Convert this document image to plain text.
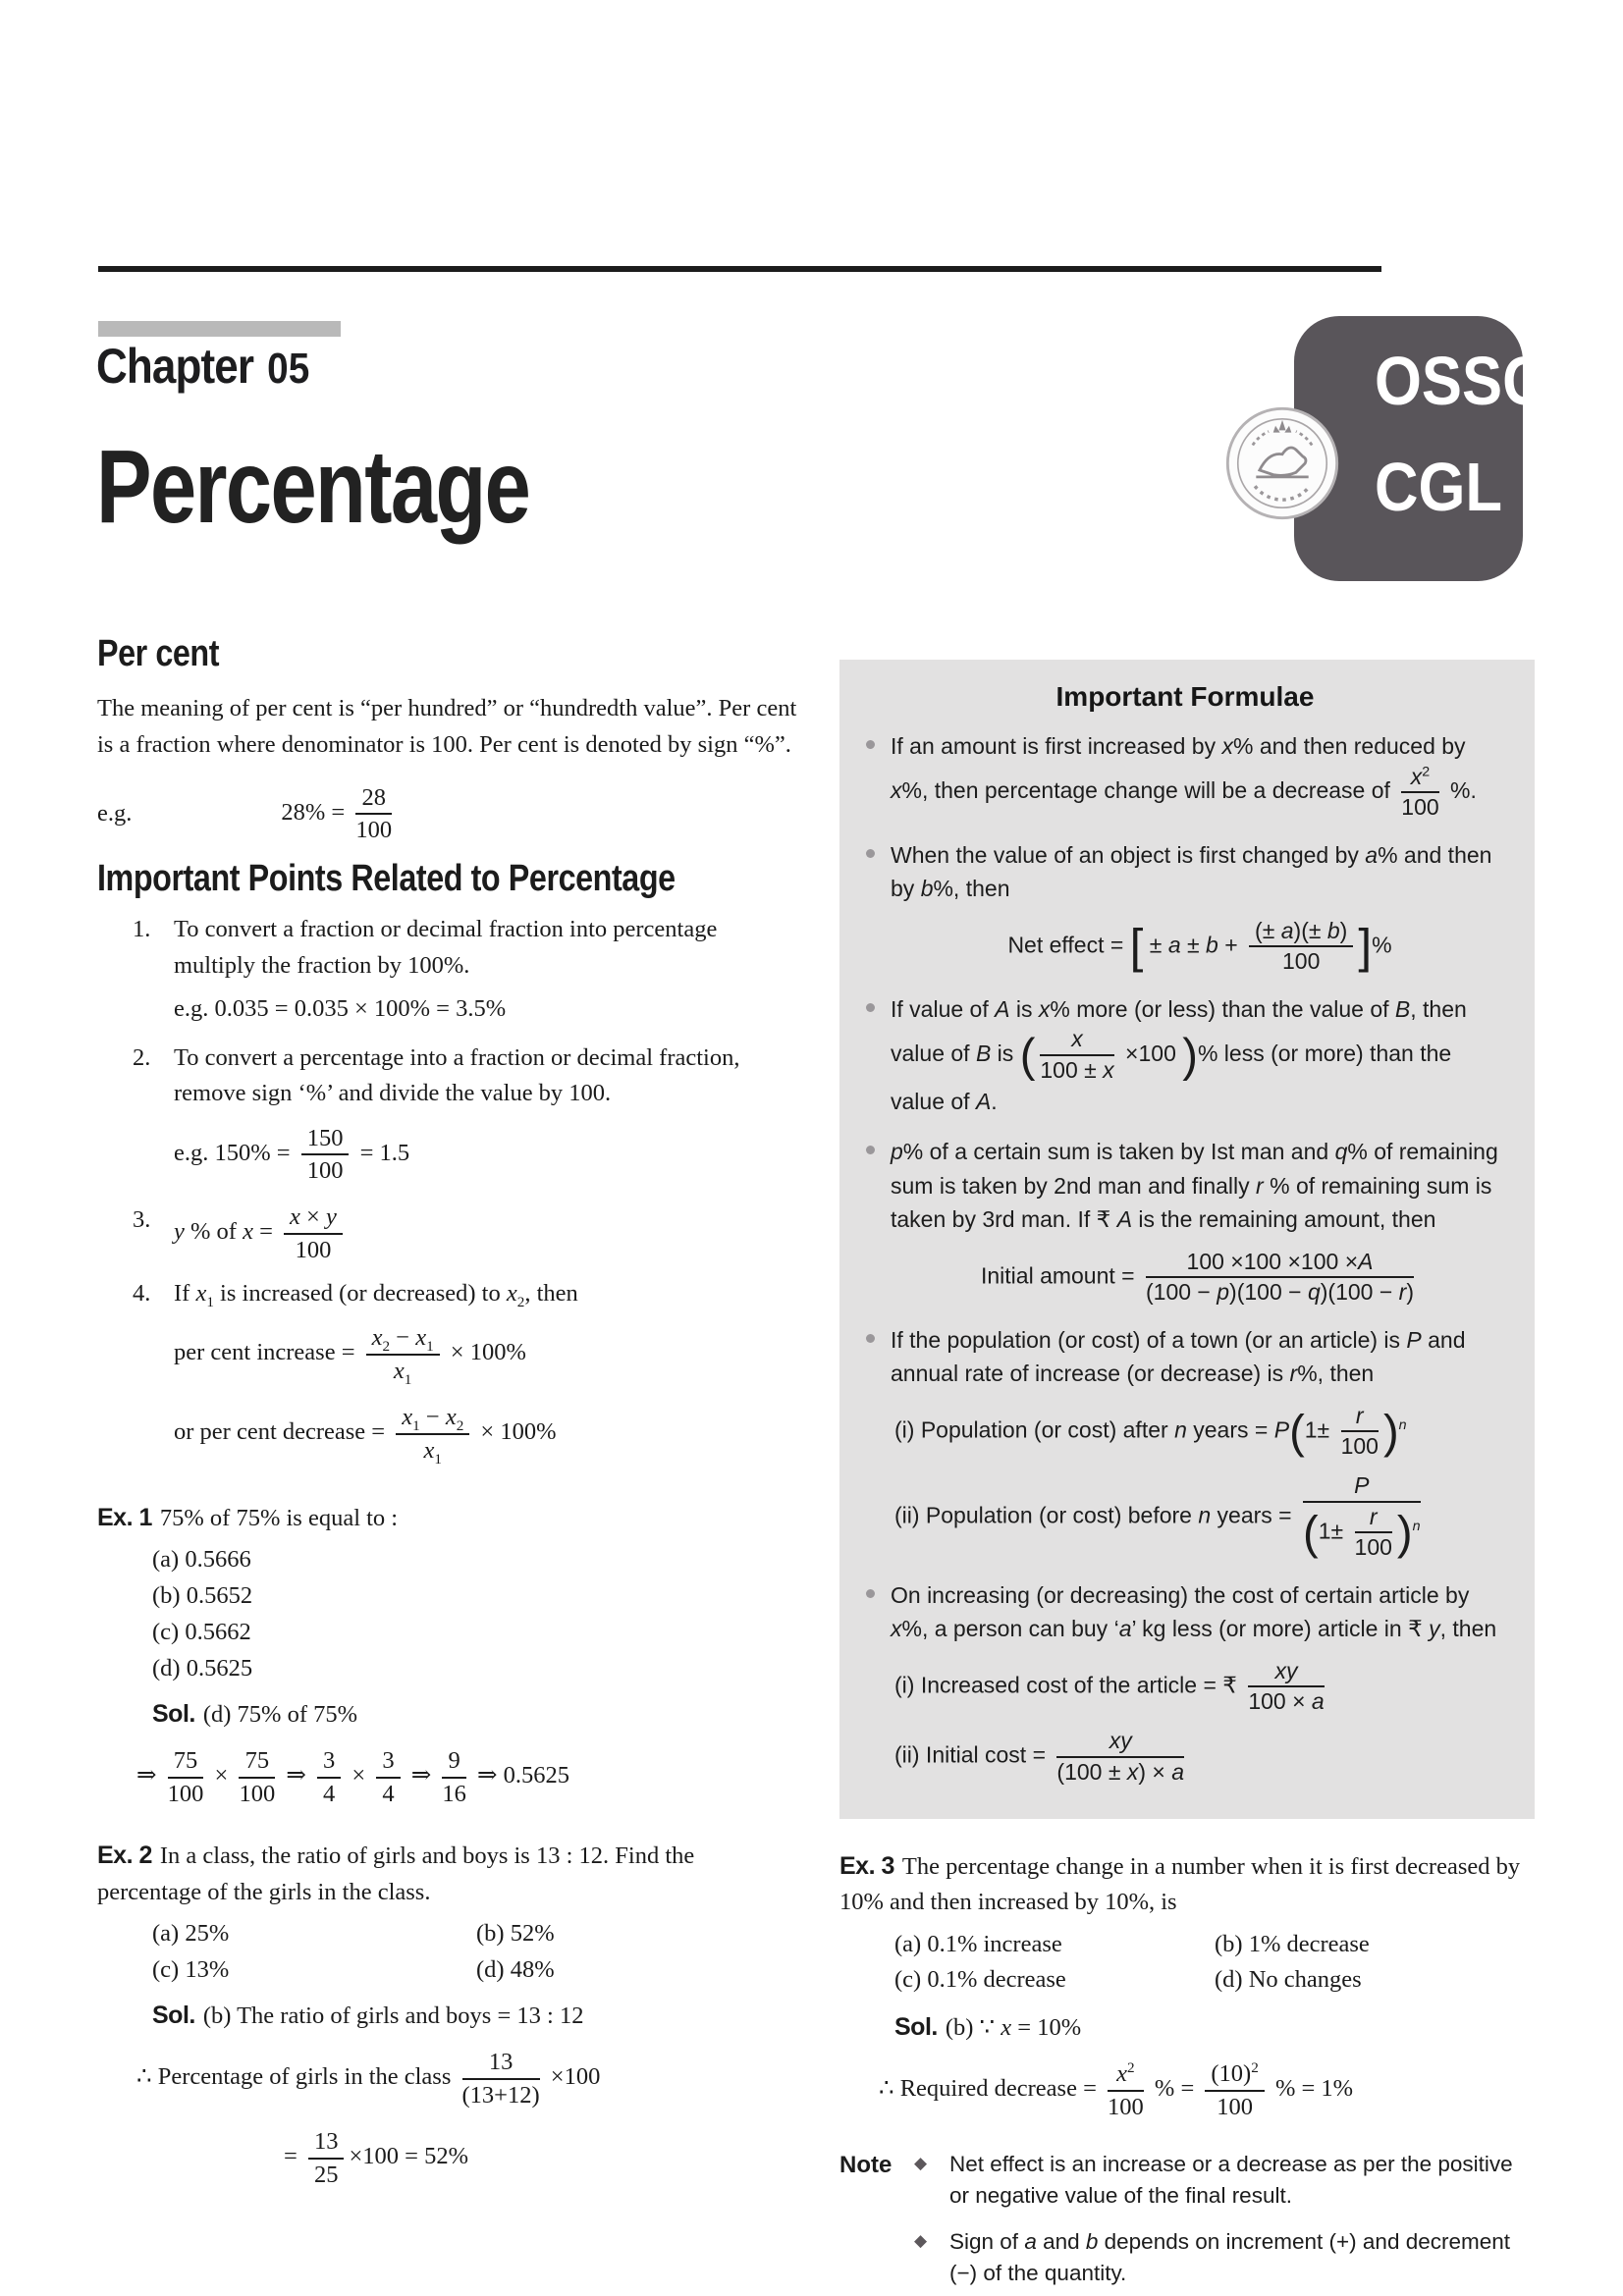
Chapter 05
Percentage
OSSC
CGL
Per cent

The meaning of per cent is “per hundred” or “hundredth value”. Per cent is a fraction where denominator is 100. Per cent is denoted by sign “%”.

e.g.	$28\% = \frac{28}{100}$
Important Points Related to Percentage
1. To convert a fraction or decimal fraction into percentage multiply the fraction by 100%.
e.g. 0.035 = 0.035 × 100% = 3.5%
2. To convert a percentage into a fraction or decimal fraction, remove sign ‘%’ and divide the value by 100.
e.g. $150\% = \frac{150}{100} = 1.5$
3. y % of $x = \frac{x \times y}{100}$
4. If $x_1$ is increased (or decreased) to $x_2$, then
per cent increase = $\frac{x_2 - x_1}{x_1} \times 100\%$
or per cent decrease = $\frac{x_1 - x_2}{x_1} \times 100\%$
Ex. 1 75% of 75% is equal to :
(a) 0.5666
(b) 0.5652
(c) 0.5662
(d) 0.5625
Sol. (d) 75% of 75%
⇒ $\frac{75}{100} \times \frac{75}{100}$ ⇒ $\frac{3}{4} \times \frac{3}{4}$ ⇒ $\frac{9}{16}$ ⇒ 0.5625
Ex. 2 In a class, the ratio of girls and boys is 13 : 12. Find the percentage of the girls in the class.
(a) 25%	(b) 52%
(c) 13%	(d) 48%
Sol. (b) The ratio of girls and boys = 13 : 12
∴ Percentage of girls in the class $\frac{13}{(13+12)} \times 100$
= $\frac{13}{25} \times 100 = 52\%$
Important Formulae
If an amount is first increased by x% and then reduced by x%, then percentage change will be a decrease of $\frac{x^2}{100}$ %.
When the value of an object is first changed by a% and then by b%, then
Net effect = [ ± $a \pm b + \frac{(\pm a)(\pm b)}{100}$ ]%
If value of A is x% more (or less) than the value of B, then value of B is ( $\frac{x}{100 \pm x} \times 100$ )% less (or more) than the value of A.
p% of a certain sum is taken by Ist man and q% of remaining sum is taken by 2nd man and finally r % of remaining sum is taken by 3rd man. If ₹ A is the remaining amount, then
Initial amount = $\frac{100 \times 100 \times 100 \times A}{(100 - p)(100 - q)(100 - r)}$
If the population (or cost) of a town (or an article) is P and annual rate of increase (or decrease) is r%, then
(i) Population (or cost) after n years = $P(1\pm \frac{r}{100} )^n$
(ii) Population (or cost) before n years = $\frac{P}{(1\pm \frac{r}{100} )^n}$
On increasing (or decreasing) the cost of certain article by x%, a person can buy ‘a’ kg less (or more) article in ₹ y, then
(i) Increased cost of the article = ₹ $\frac{xy}{100 \times a}$
(ii) Initial $\cos t = \frac{xy}{(100 \pm x) \times a}$
Ex. 3 The percentage change in a number when it is first decreased by 10% and then increased by 10%, is
(a) 0.1% increase	(b) 1% decrease
(c) 0.1% decrease	(d) No changes
Sol. (b) ∵ x = 10%
∴ Required decrease = $\frac{x^2}{100}$ % = $\frac{(10)^2}{100}$ % = 1%
Note	◆	Net effect is an increase or a decrease as per the positive or negative value of the final result.
◆	Sign of a and b depends on increment (+) and decrement (−) of the quantity.
